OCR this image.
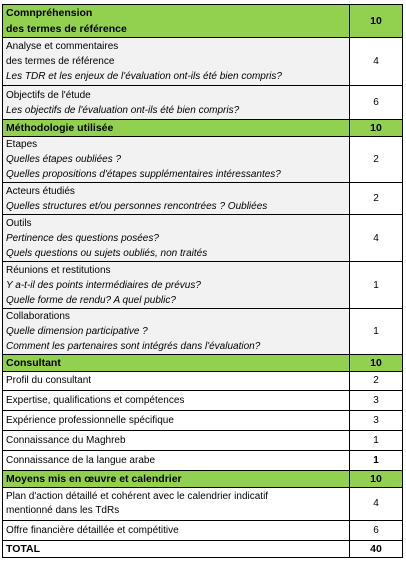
Comnpréhension
des termes de référence	10

Analyse et commentaires
des termes de référence
Les TDR et les enjeux de l'évaluation ont-ils été bien compris?	4

Objectifs de l'étude
Les objectifs de l'évaluation ont-ils été bien compris?	6

Méthodologie utilisée	10

Etapes
Quelles étapes oubliées ?
Quelles propositions d'étapes supplémentaires intéressantes?	2

Acteurs étudiés
Quelles structures et/ou personnes rencontrées ? Oubliées	2

Outils
Pertinence des questions posées?
Quels questions ou sujets oubliés, non traités	4

Réunions et restitutions
Y a-t-il des points intermédiaires de prévus?
Quelle forme de rendu? A quel public?	1

Collaborations
Quelle dimension participative ?
Comment les partenaires sont intégrés dans l'évaluation?	1

Consultant	10

Profil du consultant	2

Expertise, qualifications et compétences	3

Expérience professionnelle spécifique	3

Connaissance du Maghreb	1

Connaissance de la langue arabe	1

Moyens mis en œuvre et calendrier	10

Plan d'action détaillé et cohérent avec le calendrier indicatif
mentionné dans les TdRs	4

Offre financière détaillée et compétitive	6
TOTAL	40
